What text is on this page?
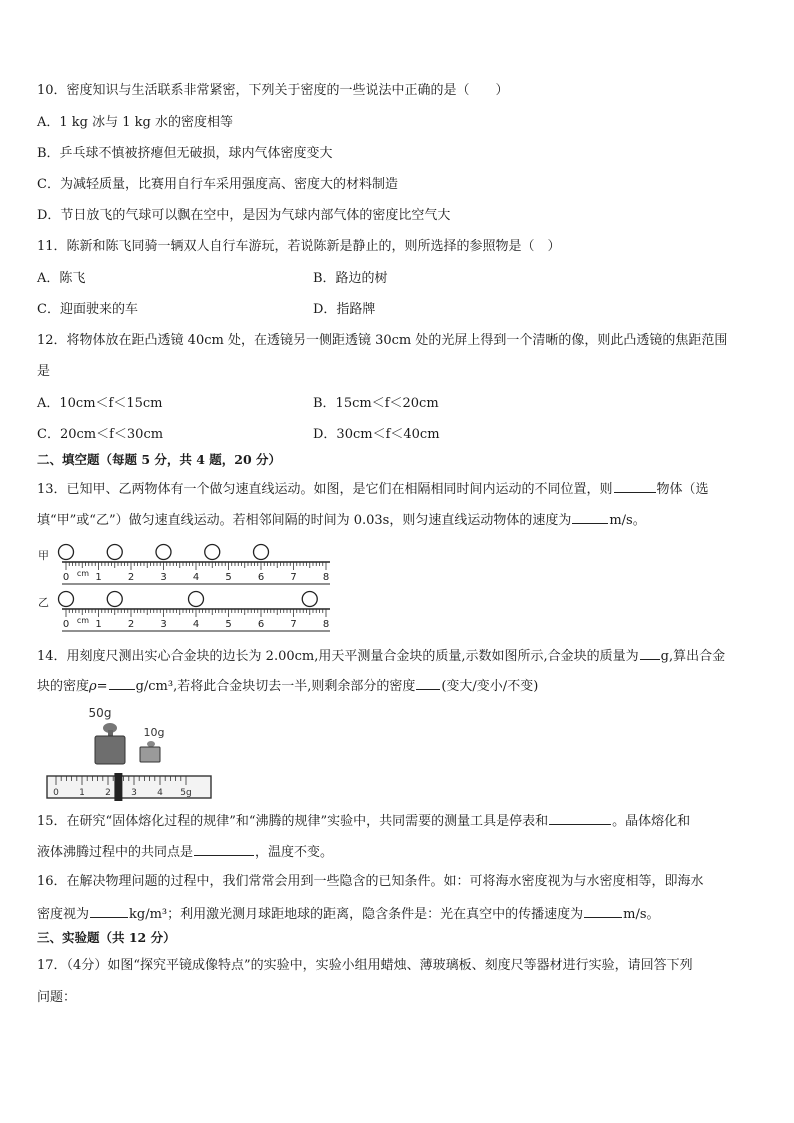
10．密度知识与生活联系非常紧密，下列关于密度的一些说法中正确的是（　　）
A．1 kg 冰与 1 kg 水的密度相等
B．乒乓球不慎被挤瘪但无破损，球内气体密度变大
C．为减轻质量，比赛用自行车采用强度高、密度大的材料制造
D．节日放飞的气球可以飘在空中，是因为气球内部气体的密度比空气大
11．陈新和陈飞同骑一辆双人自行车游玩，若说陈新是静止的，则所选择的参照物是（　）
A．陈飞	B．路边的树
C．迎面驶来的车	D．指路牌
12．将物体放在距凸透镜 40cm 处，在透镜另一侧距透镜 30cm 处的光屏上得到一个清晰的像，则此凸透镜的焦距范围
是
A．10cm＜f＜15cm	B．15cm＜f＜20cm
C．20cm＜f＜30cm	D．30cm＜f＜40cm
二、填空题（每题 5 分，共 4 题，20 分）
13．已知甲、乙两物体有一个做匀速直线运动。如图，是它们在相隔相同时间内运动的不同位置，则	物体（选
填“甲”或“乙”）做匀速直线运动。若相邻间隔的时间为 0.03s，则匀速直线运动物体的速度为	m/s。
甲
0	1	2	3	4	5	6	7	8
cm
乙
0	1	2	3	4	5	6	7	8
cm
14．用刻度尺测出实心合金块的边长为 2.00cm,用天平测量合金块的质量,示数如图所示,合金块的质量为 g,算出合金
块的密度ρ= g/cm³,若将此合金块切去一半,则剩余部分的密度 (变大/变小/不变)
50g
10g
0 1 2 3 4 5g
15．在研究“固体熔化过程的规律”和“沸腾的规律”实验中，共同需要的测量工具是停表和	。晶体熔化和
液体沸腾过程中的共同点是	，温度不变。
16．在解决物理问题的过程中，我们常常会用到一些隐含的已知条件。如：可将海水密度视为与水密度相等，即海水
密度视为	kg/m³；利用激光测月球距地球的距离，隐含条件是：光在真空中的传播速度为	m/s。
三、实验题（共 12 分）
17．（4分）如图“探究平镜成像特点”的实验中，实验小组用蜡烛、薄玻璃板、刻度尺等器材进行实验，请回答下列
问题：
